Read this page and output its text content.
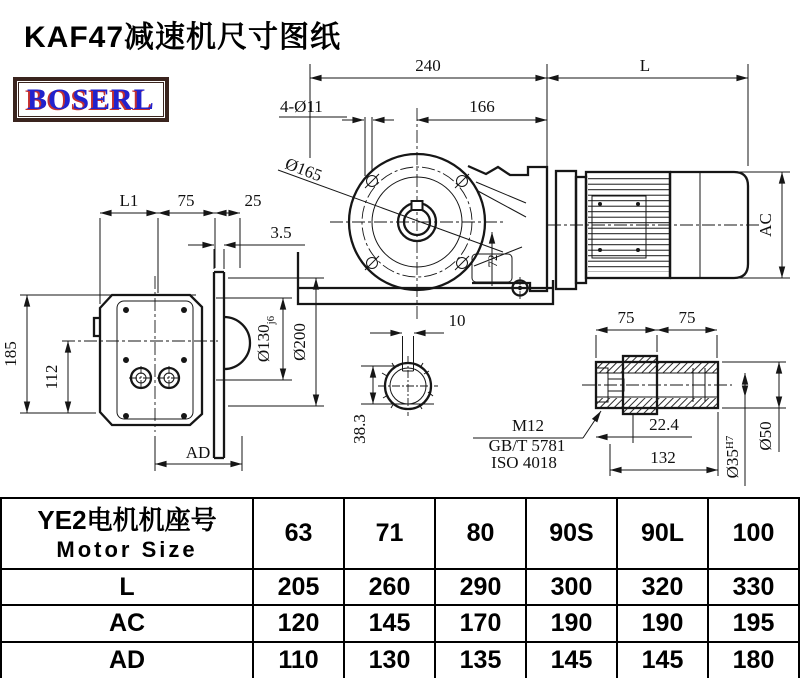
72
AC
240	L
166
4-Ø11
Ø165
L1 75	25
3.5
185
112
$Ø130_{j6}$
Ø200
AD
10
38.3
75	75
22.4
132
Ø50
$Ø35^{H7}$
M12
GB/T 5781
ISO 4018
KAF47减速机尺寸图纸
BOSERL
YE2电机机座号
Motor Size	63	71	80	90S	90L	100
L	205	260	290	300	320	330
AC	120	145	170	190	190	195
AD	110	130	135	145	145	180
